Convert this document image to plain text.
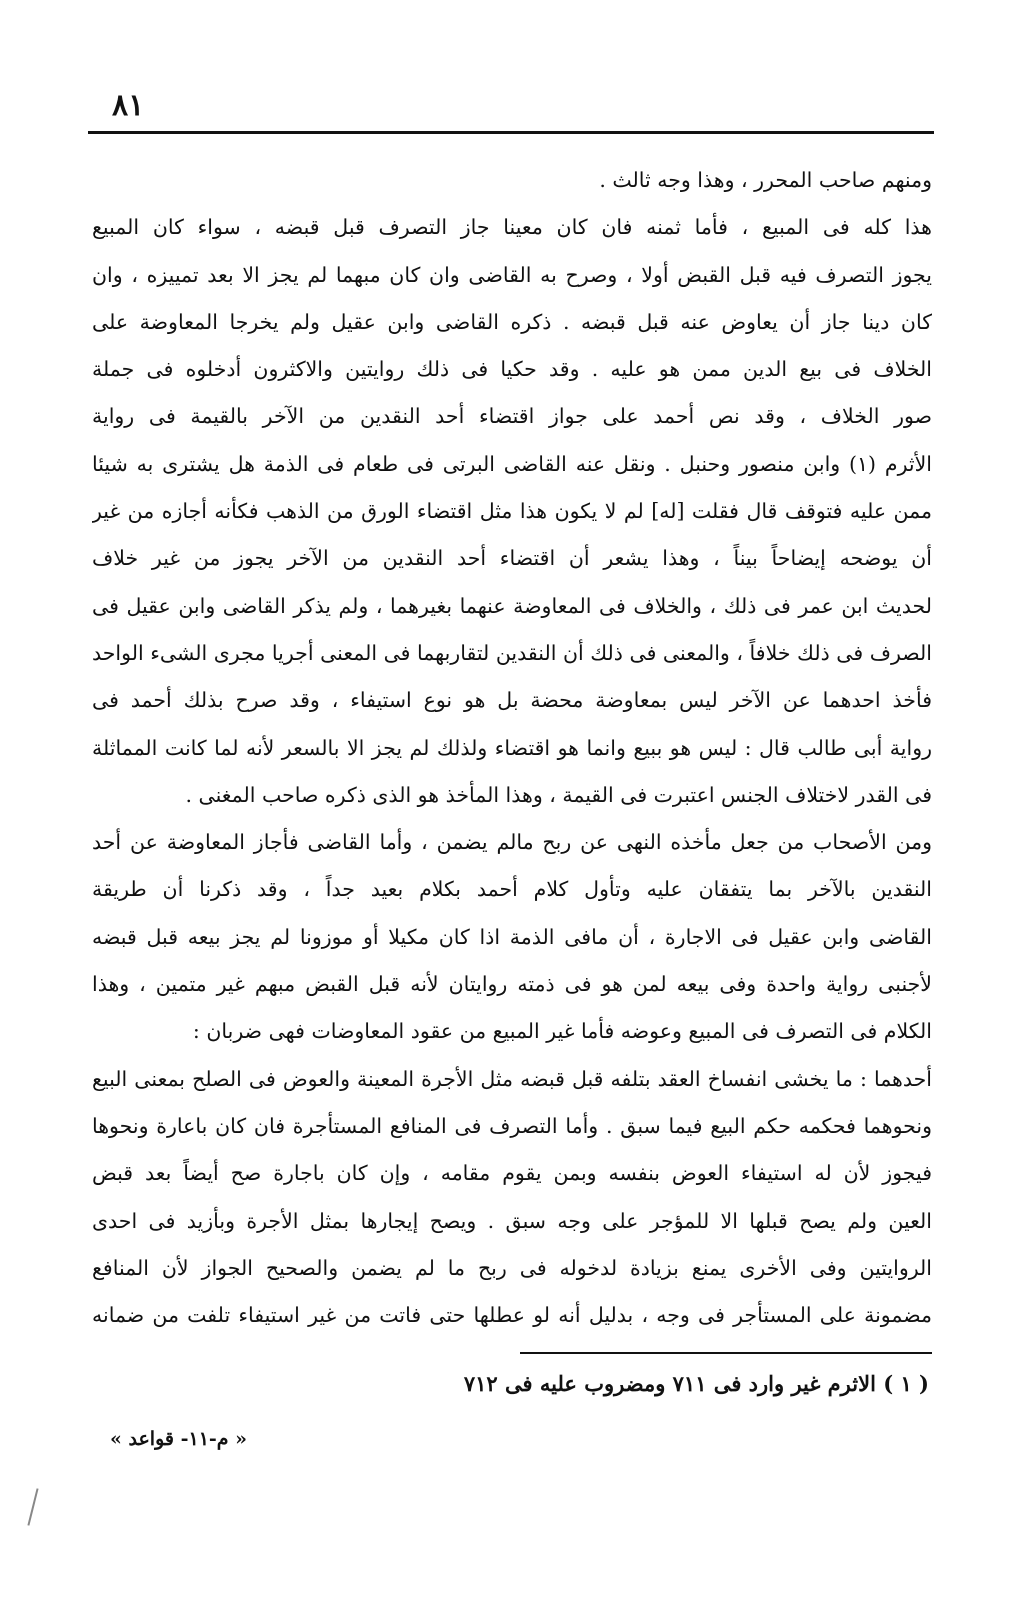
٨١
ومنهم صاحب المحرر ، وهذا وجه ثالث .
هذا كله فى المبيع ، فأما ثمنه فان كان معينا جاز التصرف قبل قبضه ، سواء كان المبيع
يجوز التصرف فيه قبل القبض أولا ، وصرح به القاضى وان كان مبهما لم يجز الا بعد تمييزه ، وان
كان دينا جاز أن يعاوض عنه قبل قبضه . ذكره القاضى وابن عقيل ولم يخرجا المعاوضة على
الخلاف فى بيع الدين ممن هو عليه . وقد حكيا فى ذلك روايتين والاكثرون أدخلوه فى جملة
صور الخلاف ، وقد نص أحمد على جواز اقتضاء أحد النقدين من الآخر بالقيمة فى رواية
الأثرم (١) وابن منصور وحنبل . ونقل عنه القاضى البرتى فى طعام فى الذمة هل يشترى به شيئا
ممن عليه فتوقف قال فقلت [له] لم لا يكون هذا مثل اقتضاء الورق من الذهب فكأنه أجازه من غير
أن يوضحه إيضاحاً بيناً ، وهذا يشعر أن اقتضاء أحد النقدين من الآخر يجوز من غير خلاف
لحديث ابن عمر فى ذلك ، والخلاف فى المعاوضة عنهما بغيرهما ، ولم يذكر القاضى وابن عقيل فى
الصرف فى ذلك خلافاً ، والمعنى فى ذلك أن النقدين لتقاربهما فى المعنى أجريا مجرى الشىء الواحد
فأخذ احدهما عن الآخر ليس بمعاوضة محضة بل هو نوع استيفاء ، وقد صرح بذلك أحمد فى
رواية أبى طالب قال : ليس هو ببيع وانما هو اقتضاء ولذلك لم يجز الا بالسعر لأنه لما كانت المماثلة
فى القدر لاختلاف الجنس اعتبرت فى القيمة ، وهذا المأخذ هو الذى ذكره صاحب المغنى .
ومن الأصحاب من جعل مأخذه النهى عن ربح مالم يضمن ، وأما القاضى فأجاز المعاوضة عن أحد
النقدين بالآخر بما يتفقان عليه وتأول كلام أحمد بكلام بعيد جداً ، وقد ذكرنا أن طريقة
القاضى وابن عقيل فى الاجارة ، أن مافى الذمة اذا كان مكيلا أو موزونا لم يجز بيعه قبل قبضه
لأجنبى رواية واحدة وفى بيعه لمن هو فى ذمته روايتان لأنه قبل القبض مبهم غير متمين ، وهذا
الكلام فى التصرف فى المبيع وعوضه فأما غير المبيع من عقود المعاوضات فهى ضربان :
أحدهما : ما يخشى انفساخ العقد بتلفه قبل قبضه مثل الأجرة المعينة والعوض فى الصلح بمعنى البيع
ونحوهما فحكمه حكم البيع فيما سبق . وأما التصرف فى المنافع المستأجرة فان كان باعارة ونحوها
فيجوز لأن له استيفاء العوض بنفسه وبمن يقوم مقامه ، وإن كان باجارة صح أيضاً بعد قبض
العين ولم يصح قبلها الا للمؤجر على وجه سبق . ويصح إيجارها بمثل الأجرة وبأزيد فى احدى
الروايتين وفى الأخرى يمنع بزيادة لدخوله فى ربح ما لم يضمن والصحيح الجواز لأن المنافع
مضمونة على المستأجر فى وجه ، بدليل أنه لو عطلها حتى فاتت من غير استيفاء تلفت من ضمانه
( ١ ) الاثرم غير وارد فى ٧١١ ومضروب عليه فى ٧١٢
« م-١١- قواعد »
